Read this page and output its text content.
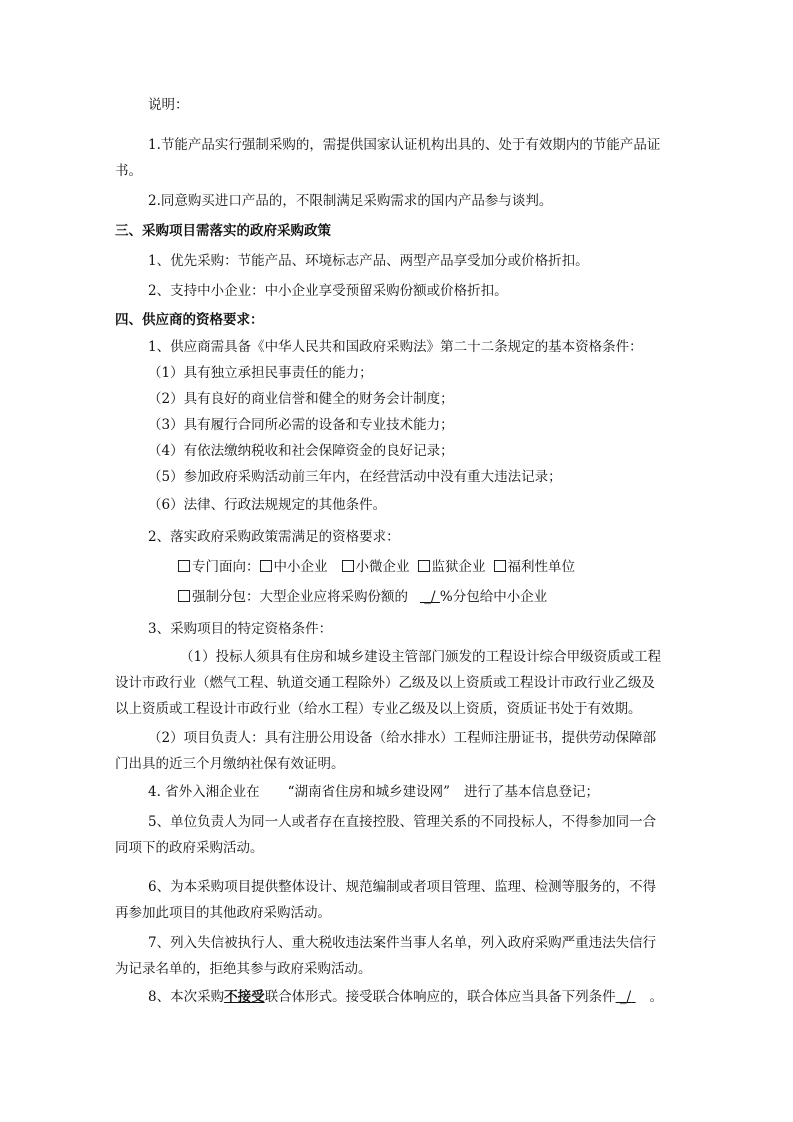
说明：
1.节能产品实行强制采购的，需提供国家认证机构出具的、处于有效期内的节能产品证
书。
2.同意购买进口产品的，不限制满足采购需求的国内产品参与谈判。
三、采购项目需落实的政府采购政策
1、优先采购：节能产品、环境标志产品、两型产品享受加分或价格折扣。
2、支持中小企业：中小企业享受预留采购份额或价格折扣。
四、供应商的资格要求：
1、供应商需具备《中华人民共和国政府采购法》第二十二条规定的基本资格条件：
（1）具有独立承担民事责任的能力；
（2）具有良好的商业信誉和健全的财务会计制度；
（3）具有履行合同所必需的设备和专业技术能力；
（4）有依法缴纳税收和社会保障资金的良好记录；
（5）参加政府采购活动前三年内，在经营活动中没有重大违法记录；
（6）法律、行政法规规定的其他条件。
2、落实政府采购政策需满足的资格要求：
专门面向： 中小企业 小微企业 监狱企业 福利性单位
强制分包：大型企业应将采购份额的 _/ %分包给中小企业
3、采购项目的特定资格条件：
（1）投标人须具有住房和城乡建设主管部门颁发的工程设计综合甲级资质或工程
设计市政行业（燃气工程、轨道交通工程除外）乙级及以上资质或工程设计市政行业乙级及
以上资质或工程设计市政行业（给水工程）专业乙级及以上资质，资质证书处于有效期。
（2）项目负责人：具有注册公用设备（给水排水）工程师注册证书，提供劳动保障部
门出具的近三个月缴纳社保有效证明。
4. 省外入湘企业在 “湖南省住房和城乡建设网” 进行了基本信息登记；
5、单位负责人为同一人或者存在直接控股、管理关系的不同投标人，不得参加同一合
同项下的政府采购活动。
6、为本采购项目提供整体设计、规范编制或者项目管理、监理、检测等服务的，不得
再参加此项目的其他政府采购活动。
7、列入失信被执行人、重大税收违法案件当事人名单，列入政府采购严重违法失信行
为记录名单的，拒绝其参与政府采购活动。
8、本次采购不接受联合体形式。接受联合体响应的，联合体应当具备下列条件 _/ 。
